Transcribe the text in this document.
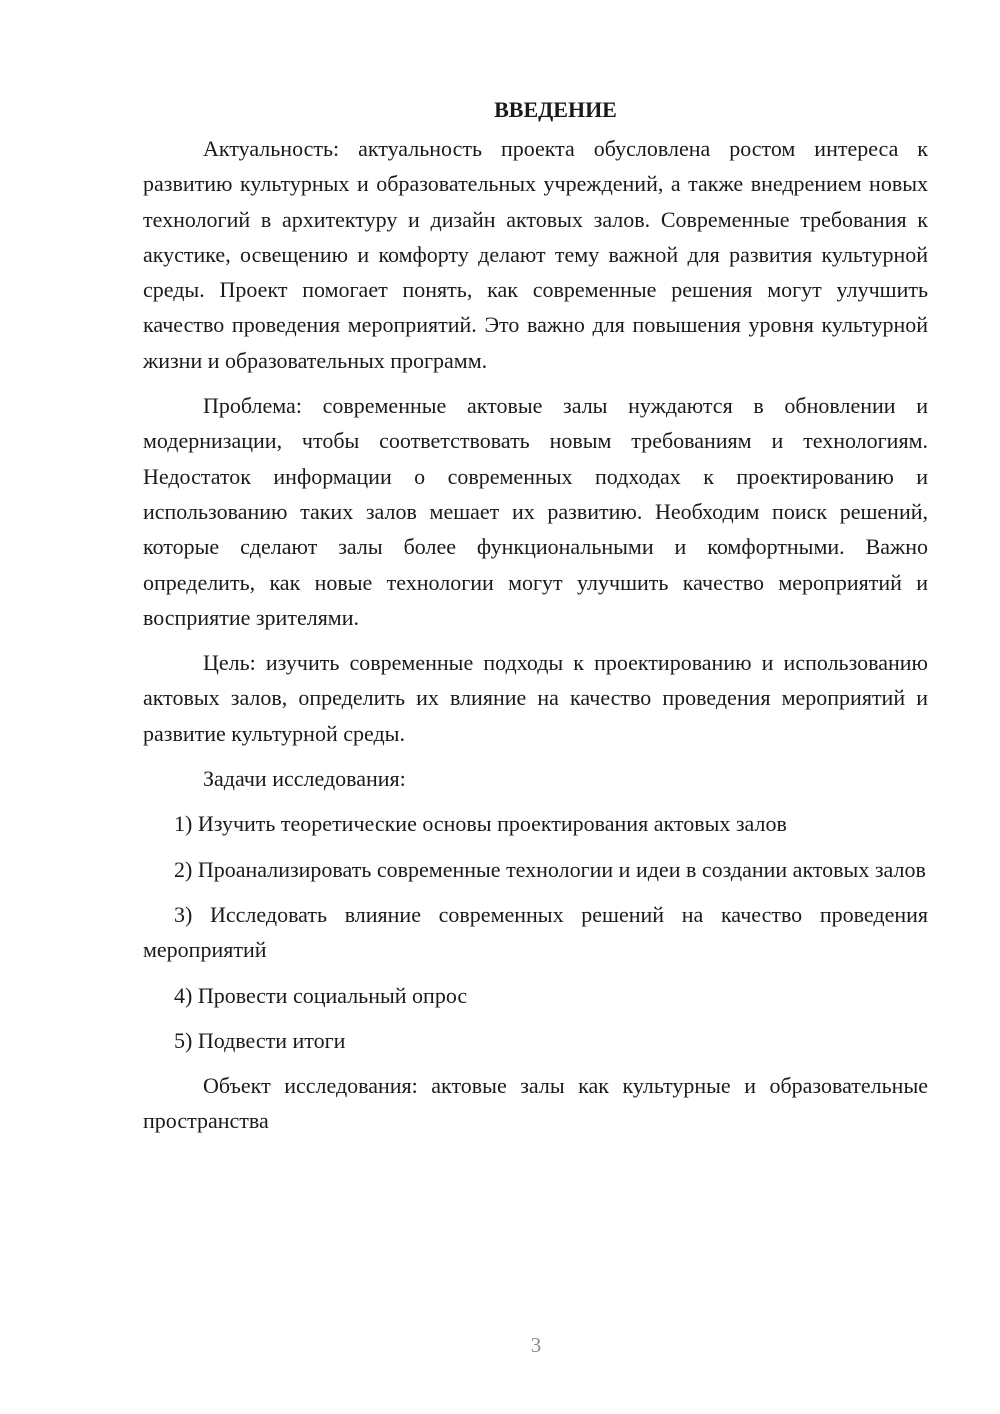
ВВЕДЕНИЕ

Актуальность: актуальность проекта обусловлена ростом интереса к развитию культурных и образовательных учреждений, а также внедрением новых технологий в архитектуру и дизайн актовых залов. Современные требования к акустике, освещению и комфорту делают тему важной для развития культурной среды. Проект помогает понять, как современные решения могут улучшить качество проведения мероприятий. Это важно для повышения уровня культурной жизни и образовательных программ.

Проблема: современные актовые залы нуждаются в обновлении и модернизации, чтобы соответствовать новым требованиям и технологиям. Недостаток информации о современных подходах к проектированию и использованию таких залов мешает их развитию. Необходим поиск решений, которые сделают залы более функциональными и комфортными. Важно определить, как новые технологии могут улучшить качество мероприятий и восприятие зрителями.

Цель: изучить современные подходы к проектированию и использованию актовых залов, определить их влияние на качество проведения мероприятий и развитие культурной среды.

Задачи исследования:

1) Изучить теоретические основы проектирования актовых залов

2) Проанализировать современные технологии и идеи в создании актовых залов

3) Исследовать влияние современных решений на качество проведения мероприятий

4) Провести социальный опрос

5) Подвести итоги

Объект исследования: актовые залы как культурные и образовательные пространства

3
